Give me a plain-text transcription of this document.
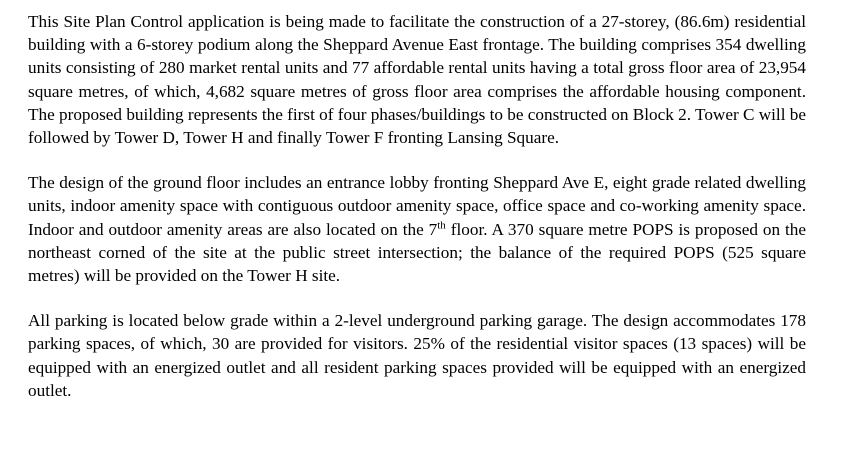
This Site Plan Control application is being made to facilitate the construction of a 27-storey, (86.6m) residential building with a 6-storey podium along the Sheppard Avenue East frontage. The building comprises 354 dwelling units consisting of 280 market rental units and 77 affordable rental units having a total gross floor area of 23,954 square metres, of which, 4,682 square metres of gross floor area comprises the affordable housing component. The proposed building represents the first of four phases/buildings to be constructed on Block 2. Tower C will be followed by Tower D, Tower H and finally Tower F fronting Lansing Square.

The design of the ground floor includes an entrance lobby fronting Sheppard Ave E, eight grade related dwelling units, indoor amenity space with contiguous outdoor amenity space, office space and co-working amenity space. Indoor and outdoor amenity areas are also located on the 7th floor. A 370 square metre POPS is proposed on the northeast corned of the site at the public street intersection; the balance of the required POPS (525 square metres) will be provided on the Tower H site.

All parking is located below grade within a 2-level underground parking garage. The design accommodates 178 parking spaces, of which, 30 are provided for visitors. 25% of the residential visitor spaces (13 spaces) will be equipped with an energized outlet and all resident parking spaces provided will be equipped with an energized outlet.
